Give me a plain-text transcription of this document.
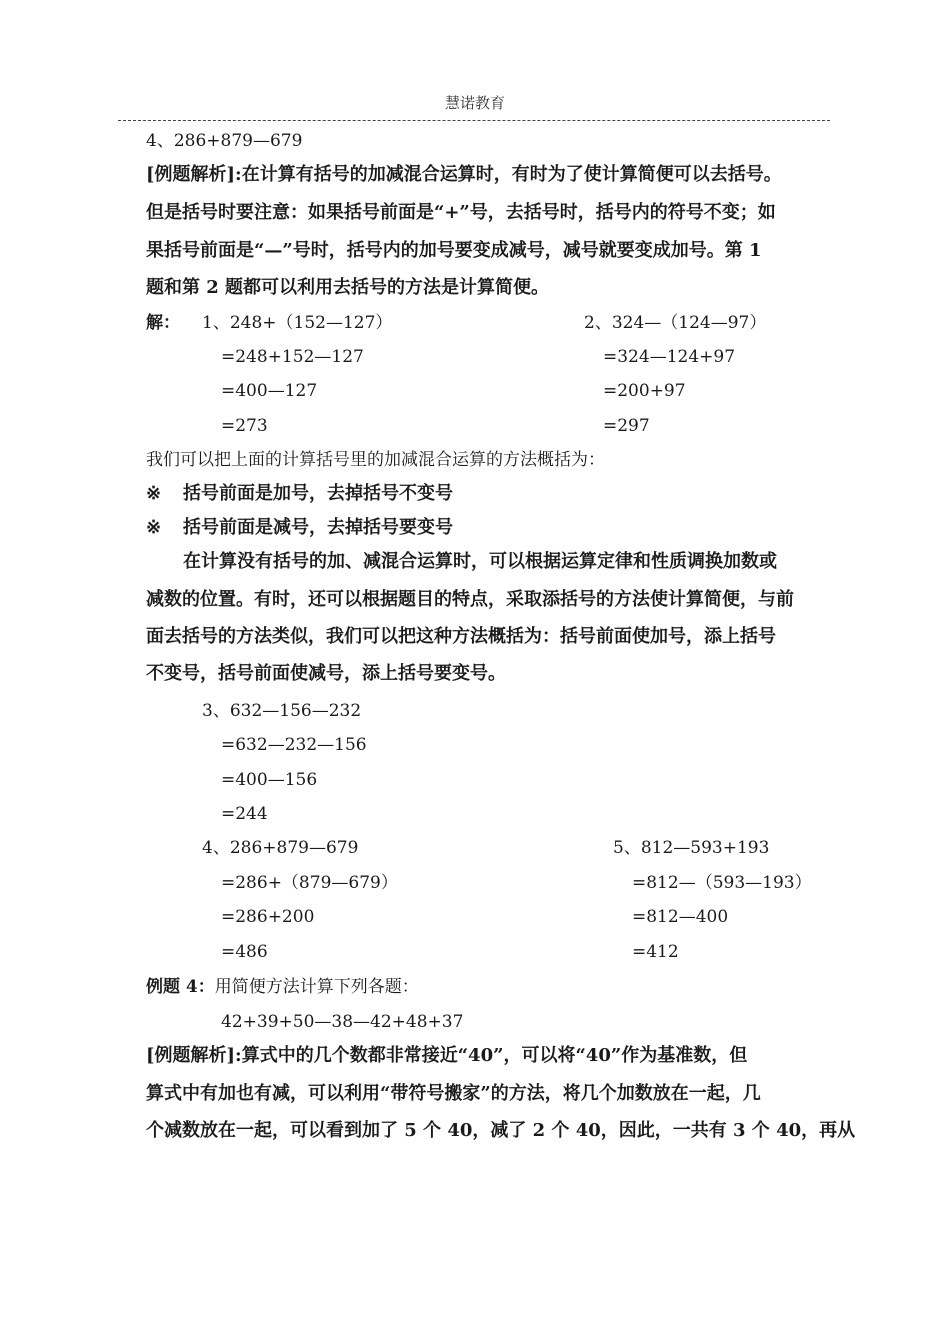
慧诺教育
4、286+879—679
[例题解析]:在计算有括号的加减混合运算时，有时为了使计算简便可以去括号。
但是括号时要注意：如果括号前面是“+”号，去括号时，括号内的符号不变；如
果括号前面是“—”号时，括号内的加号要变成减号，减号就要变成加号。第 1
题和第 2 题都可以利用去括号的方法是计算简便。
解： 1、248+（152—127）
=248+152—127
=400—127
=273
2、324—（124—97）
=324—124+97
=200+97
=297
我们可以把上面的计算括号里的加减混合运算的方法概括为：
※ 括号前面是加号，去掉括号不变号
※ 括号前面是减号，去掉括号要变号
在计算没有括号的加、减混合运算时，可以根据运算定律和性质调换加数或
减数的位置。有时，还可以根据题目的特点，采取添括号的方法使计算简便，与前
面去括号的方法类似，我们可以把这种方法概括为：括号前面使加号，添上括号
不变号，括号前面使减号，添上括号要变号。
3、632—156—232
=632—232—156
=400—156
=244
4、286+879—679
=286+（879—679）
=286+200
=486
5、812—593+193
=812—（593—193）
=812—400
=412
例题 4：用简便方法计算下列各题：
42+39+50—38—42+48+37
[例题解析]:算式中的几个数都非常接近“40”，可以将“40”作为基准数，但
算式中有加也有减，可以利用“带符号搬家”的方法，将几个加数放在一起，几
个减数放在一起，可以看到加了 5 个 40，减了 2 个 40，因此，一共有 3 个 40，再从
